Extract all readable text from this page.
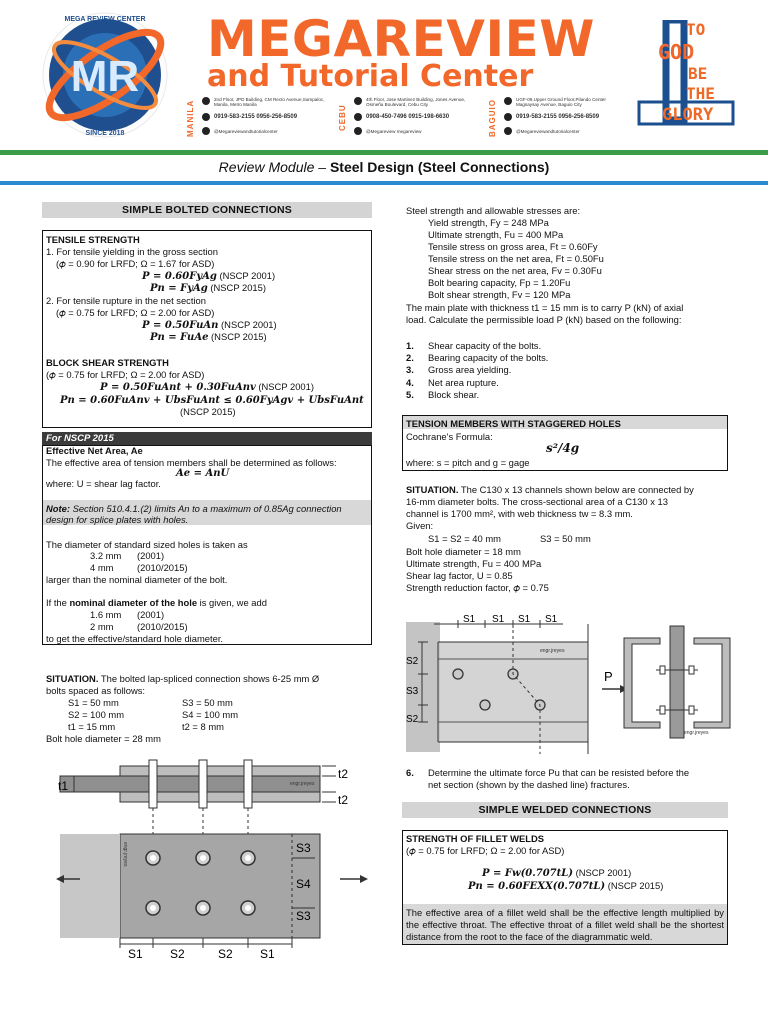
MR
SINCE 2018
MEGA REVIEW CENTER MEGAREVIEW
and Tutorial Center
TO
GOD
BE
THE
GLORY
MANILA	2nd Floor, JPD Building, CM Recto Avenue,Sampaloc, Manila, Metro Manila
0919-583-2155 0956-256-8509
@Megareviewandtutorialcenter
CEBU
4th Floor, Jose Martinez Building, Jones Avenue, Osmeña Boulevard, Cebu City
0908-450-7496 0915-198-6630
@Megareview megareview	BAGUIO	UGF-09,Upper Ground Floor,Pilando Center Magsaysay Avenue, Baguio City
0919-583-2155 0956-256-8509
@Megareviewandtutorialcenter
Review Module – Steel Design (Steel Connections)
SIMPLE BOLTED CONNECTIONS
TENSILE STRENGTH
1. For tensile yielding in the gross section
(𝜙 = 0.90 for LRFD; Ω = 1.67 for ASD)
P = 0.60FyAg (NSCP 2001)
Pn = FyAg (NSCP 2015)
2. For tensile rupture in the net section
(𝜙 = 0.75 for LRFD; Ω = 2.00 for ASD)
P = 0.50FuAn (NSCP 2001)
Pn = FuAe (NSCP 2015)
BLOCK SHEAR STRENGTH
(𝜙 = 0.75 for LRFD; Ω = 2.00 for ASD)
P = 0.50FuAnt + 0.30FuAnv (NSCP 2001)
Pn = 0.60FuAnv + UbsFuAnt ≤ 0.60FyAgv + UbsFuAnt
(NSCP 2015)
For NSCP 2015
Effective Net Area, Ae
The effective area of tension members shall be determined as follows:
Ae = AnU
where: U = shear lag factor.
Note: Section 510.4.1.(2) limits An to a maximum of 0.85Ag connection
design for splice plates with holes.
The diameter of standard sized holes is taken as
3.2 mm (2001)
4 mm	(2010/2015)
larger than the nominal diameter of the bolt.
If the nominal diameter of the hole is given, we add
1.6 mm (2001)
2 mm	(2010/2015)
to get the effective/standard hole diameter.
SITUATION. The bolted lap-spliced connection shows 6-25 mm Ø
bolts spaced as follows:
S1 = 50 mm
S2 = 100 mm
t1 = 15 mm
S3 = 50 mm
S4 = 100 mm
t2 = 8 mm
Bolt hole diameter = 28 mm
engr.jreyes
t1
t2
t2
engr.jreyes	S3
S4
S3
S1 S2	S2 S1
Steel strength and allowable stresses are:
Yield strength, Fy = 248 MPa
Ultimate strength, Fu = 400 MPa
Tensile stress on gross area, Ft = 0.60Fy
Tensile stress on the net area, Ft = 0.50Fu
Shear stress on the net area, Fv = 0.30Fu
Bolt bearing capacity, Fp = 1.20Fu
Bolt shear strength, Fv = 120 MPa
The main plate with thickness t1 = 15 mm is to carry P (kN) of axial
load. Calculate the permissible load P (kN) based on the following:
1. Shear capacity of the bolts.
2. Bearing capacity of the bolts.
3. Gross area yielding.
4. Net area rupture.
5. Block shear.
TENSION MEMBERS WITH STAGGERED HOLES
Cochrane's Formula:
s²/4g
where: s = pitch and g = gage
SITUATION. The C130 x 13 channels shown below are connected by
16-mm diameter bolts. The cross-sectional area of a C130 x 13
channel is 1700 mm², with web thickness tw = 8.3 mm.
Given:
S1 = S2 = 40 mm	S3 = 50 mm
Bolt hole diameter = 18 mm
Ultimate strength, Fu = 400 MPa
Shear lag factor, U = 0.85
Strength reduction factor, 𝜙 = 0.75
engr.jreyes
S1 S1 S1 S1
S2
S3
S2
P
engr.jreyes
6. Determine the ultimate force Pu that can be resisted before the
net section (shown by the dashed line) fractures.
SIMPLE WELDED CONNECTIONS
STRENGTH OF FILLET WELDS
(𝜙 = 0.75 for LRFD; Ω = 2.00 for ASD)
P = Fw(0.707tL) (NSCP 2001)
Pn = 0.60FEXX(0.707tL) (NSCP 2015)
The effective area of a fillet weld shall be the effective length multiplied by the effective throat. The effective throat of a fillet weld shall be the shortest distance from the root to the face of the diagrammatic weld.
